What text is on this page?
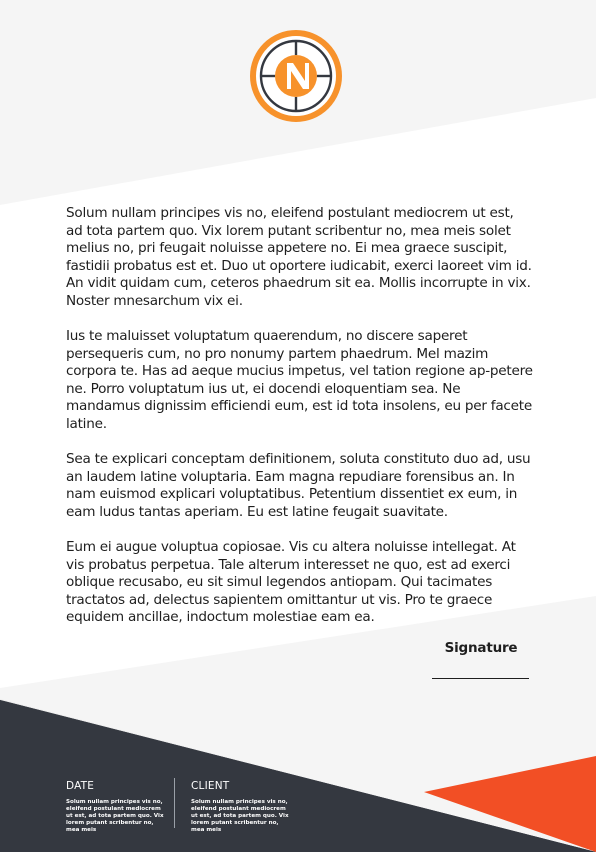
Solum nullam principes vis no, eleifend postulant mediocrem ut est, ad tota partem quo. Vix lorem putant scribentur no, mea meis solet melius no, pri feugait noluisse appetere no. Ei mea graece suscipit, fastidii probatus est et. Duo ut oportere iudicabit, exerci laoreet vim id. An vidit quidam cum, ceteros phaedrum sit ea. Mollis incorrupte in vix. Noster mnesarchum vix ei.

Ius te maluisset voluptatum quaerendum, no discere saperet persequeris cum, no pro nonumy partem phaedrum. Mel mazim corpora te. Has ad aeque mucius impetus, vel tation regione ap-petere ne. Porro voluptatum ius ut, ei docendi eloquentiam sea. Ne mandamus dignissim efficiendi eum, est id tota insolens, eu per facete latine.

Sea te explicari conceptam definitionem, soluta constituto duo ad, usu an laudem latine voluptaria. Eam magna repudiare forensibus an. In nam euismod explicari voluptatibus. Petentium dissentiet ex eum, in eam ludus tantas aperiam. Eu est latine feugait suavitate.

Eum ei augue voluptua copiosae. Vis cu altera noluisse intellegat. At vis probatus perpetua. Tale alterum interesset ne quo, est ad exerci oblique recusabo, eu sit simul legendos antiopam. Qui tacimates tractatos ad, delectus sapientem omittantur ut vis. Pro te graece equidem ancillae, indoctum molestiae eam ea.

Signature
DATE
Solum nullam principes vis no, eleifend postulant mediocrem ut est, ad tota partem quo. Vix lorem putant scribentur no, mea meis
CLIENT
Solum nullam principes vis no, eleifend postulant mediocrem ut est, ad tota partem quo. Vix lorem putant scribentur no, mea meis
